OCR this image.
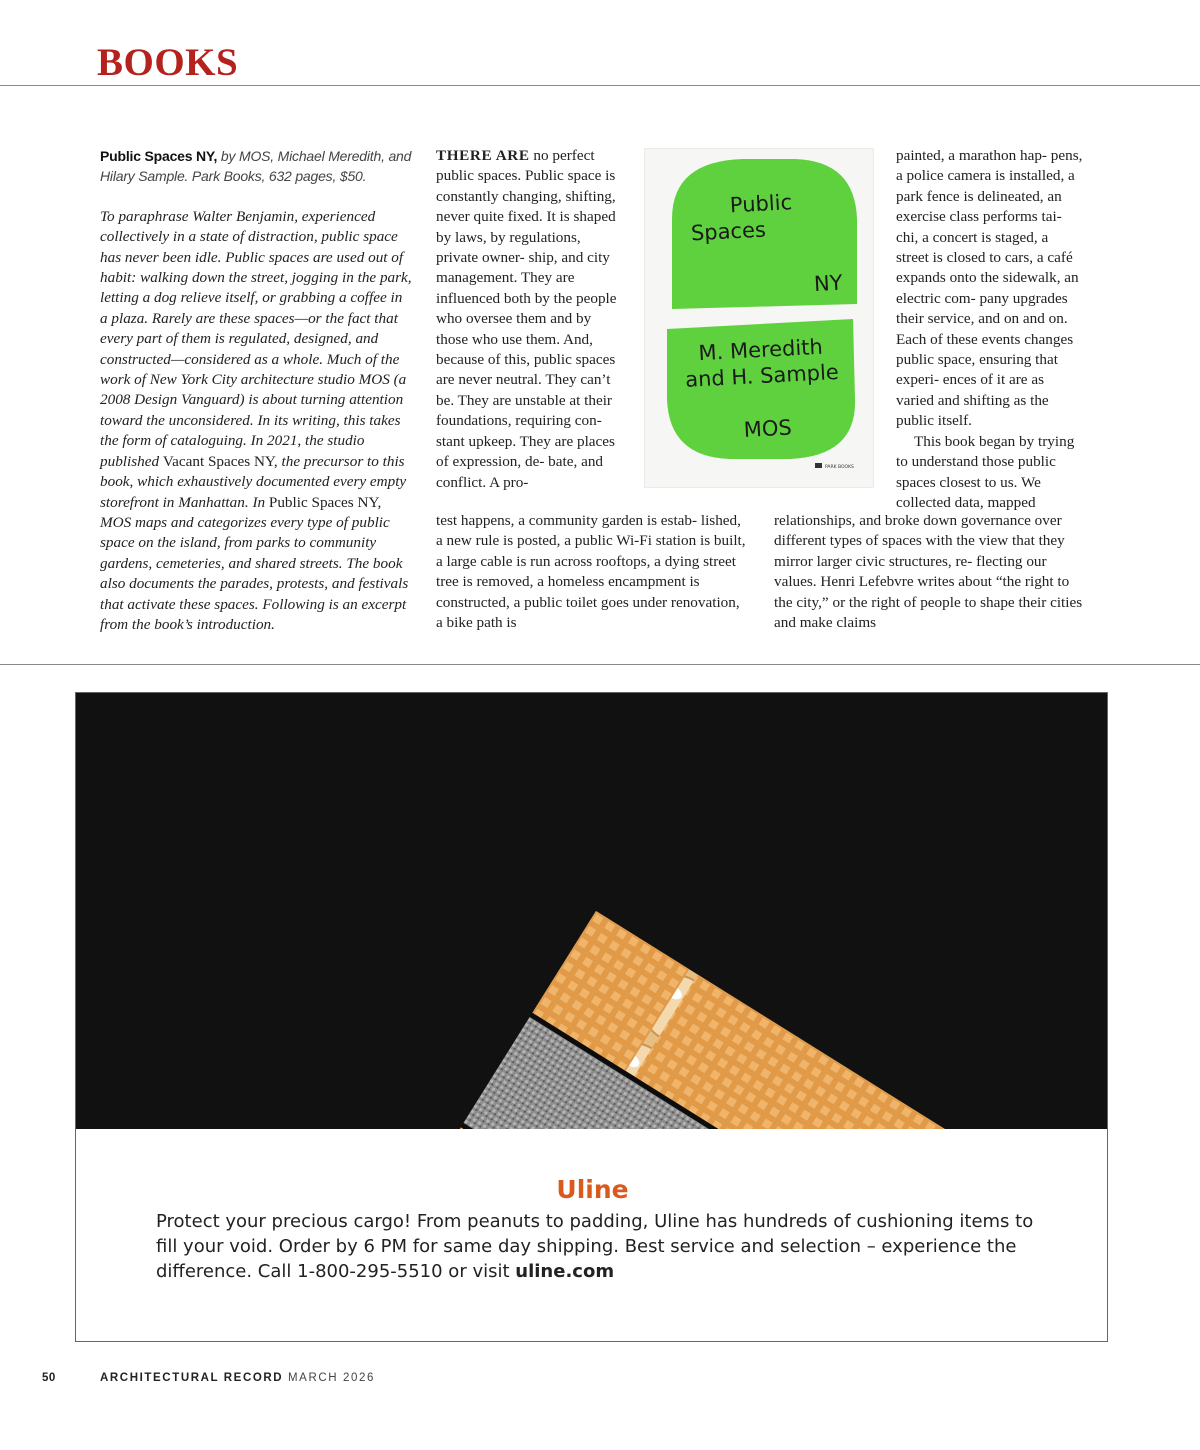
BOOKS
Public Spaces NY, by MOS, Michael Meredith, and Hilary Sample. Park Books, 632 pages, $50.
To paraphrase Walter Benjamin, experienced collectively in a state of distraction, public space has never been idle. Public spaces are used out of habit: walking down the street, jogging in the park, letting a dog relieve itself, or grabbing a coffee in a plaza. Rarely are these spaces—or the fact that every part of them is regulated, designed, and constructed—considered as a whole. Much of the work of New York City architecture studio MOS (a 2008 Design Vanguard) is about turning attention toward the unconsidered. In its writing, this takes the form of cataloguing. In 2021, the studio published Vacant Spaces NY, the precursor to this book, which exhaustively documented every empty storefront in Manhattan. In Public Spaces NY, MOS maps and categorizes every type of public space on the island, from parks to community gardens, cemeteries, and shared streets. The book also documents the parades, protests, and festivals that activate these spaces. Following is an excerpt from the book’s introduction.
THERE ARE no perfect public spaces. Public space is constantly changing, shifting, never quite fixed. It is shaped by laws, by regulations, private owner- ship, and city management. They are influenced both by the people who oversee them and by those who use them. And, because of this, public spaces are never neutral. They can’t be. They are unstable at their foundations, requiring con- stant upkeep. They are places of expression, de- bate, and conflict. A pro-
Public
Spaces
NY
M. Meredith
and H. Sample
MOS
PARK BOOKS
painted, a marathon hap- pens, a police camera is installed, a park fence is delineated, an exercise class performs tai-chi, a concert is staged, a street is closed to cars, a café expands onto the sidewalk, an electric com- pany upgrades their service, and on and on. Each of these events changes public space, ensuring that experi- ences of it are as varied and shifting as the public itself.
This book began by trying to understand those public spaces closest to us. We collected data, mapped
test happens, a community garden is estab- lished, a new rule is posted, a public Wi-Fi station is built, a large cable is run across rooftops, a dying street tree is removed, a homeless encampment is constructed, a public toilet goes under renovation, a bike path is
relationships, and broke down governance over different types of spaces with the view that they mirror larger civic structures, re- flecting our values. Henri Lefebvre writes about “the right to the city,” or the right of people to shape their cities and make claims
Uline

Protect your precious cargo! From peanuts to padding, Uline has hundreds of cushioning items to fill your void. Order by 6 PM for same day shipping. Best service and selection – experience the difference. Call 1-800-295-5510 or visit uline.com

50	ARCHITECTURAL RECORD MARCH 2026
